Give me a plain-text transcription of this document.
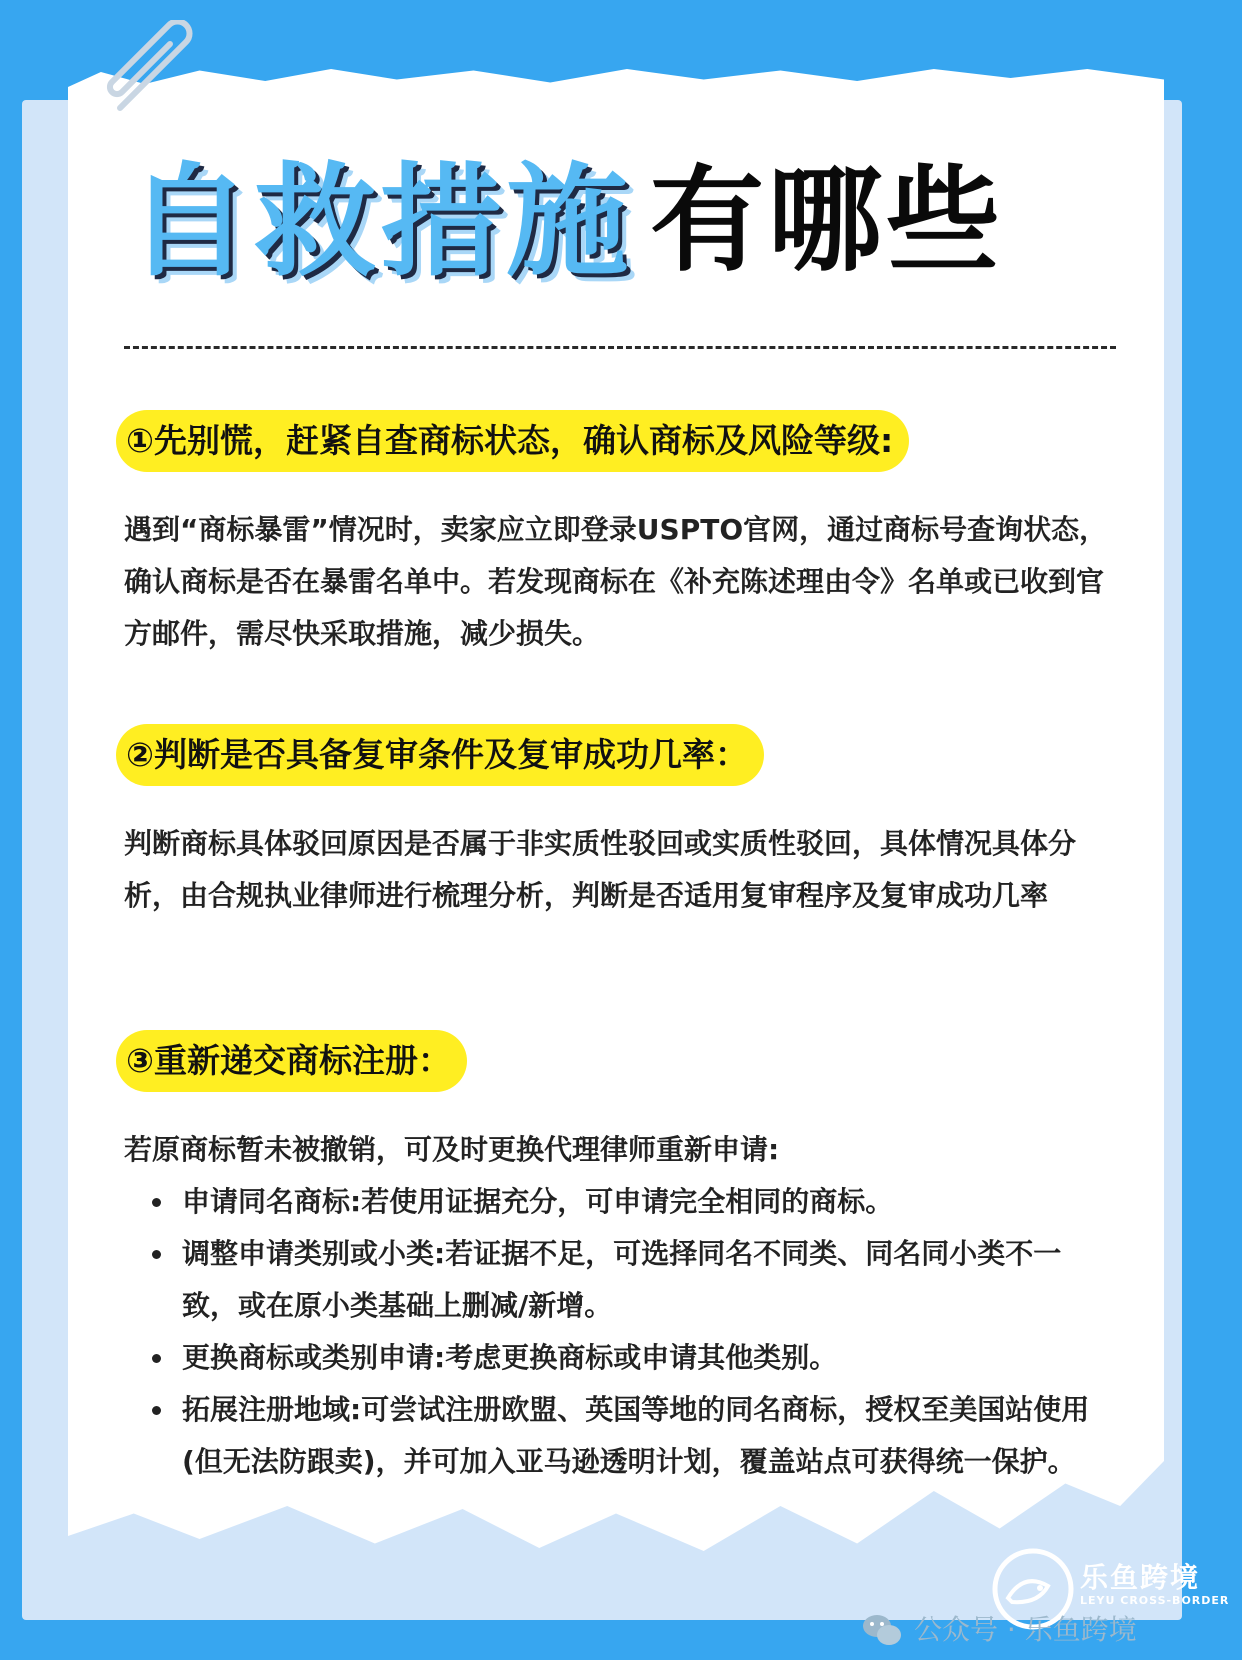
自救措施 有哪些
①先别慌，赶紧自查商标状态，确认商标及风险等级:
遇到“商标暴雷”情况时，卖家应立即登录USPTO官网，通过商标号查询状态，确认商标是否在暴雷名单中。若发现商标在《补充陈述理由令》名单或已收到官方邮件，需尽快采取措施，减少损失。
②判断是否具备复审条件及复审成功几率：
判断商标具体驳回原因是否属于非实质性驳回或实质性驳回，具体情况具体分析，由合规执业律师进行梳理分析，判断是否适用复审程序及复审成功几率
③重新递交商标注册：
若原商标暂未被撤销，可及时更换代理律师重新申请:
申请同名商标:若使用证据充分，可申请完全相同的商标。
调整申请类别或小类:若证据不足，可选择同名不同类、同名同小类不一致，或在原小类基础上删减/新增。
更换商标或类别申请:考虑更换商标或申请其他类别。
拓展注册地域:可尝试注册欧盟、英国等地的同名商标，授权至美国站使用(但无法防跟卖)，并可加入亚马逊透明计划，覆盖站点可获得统一保护。
乐鱼跨境
LEYU CROSS-BORDER
公众号 · 乐鱼跨境
